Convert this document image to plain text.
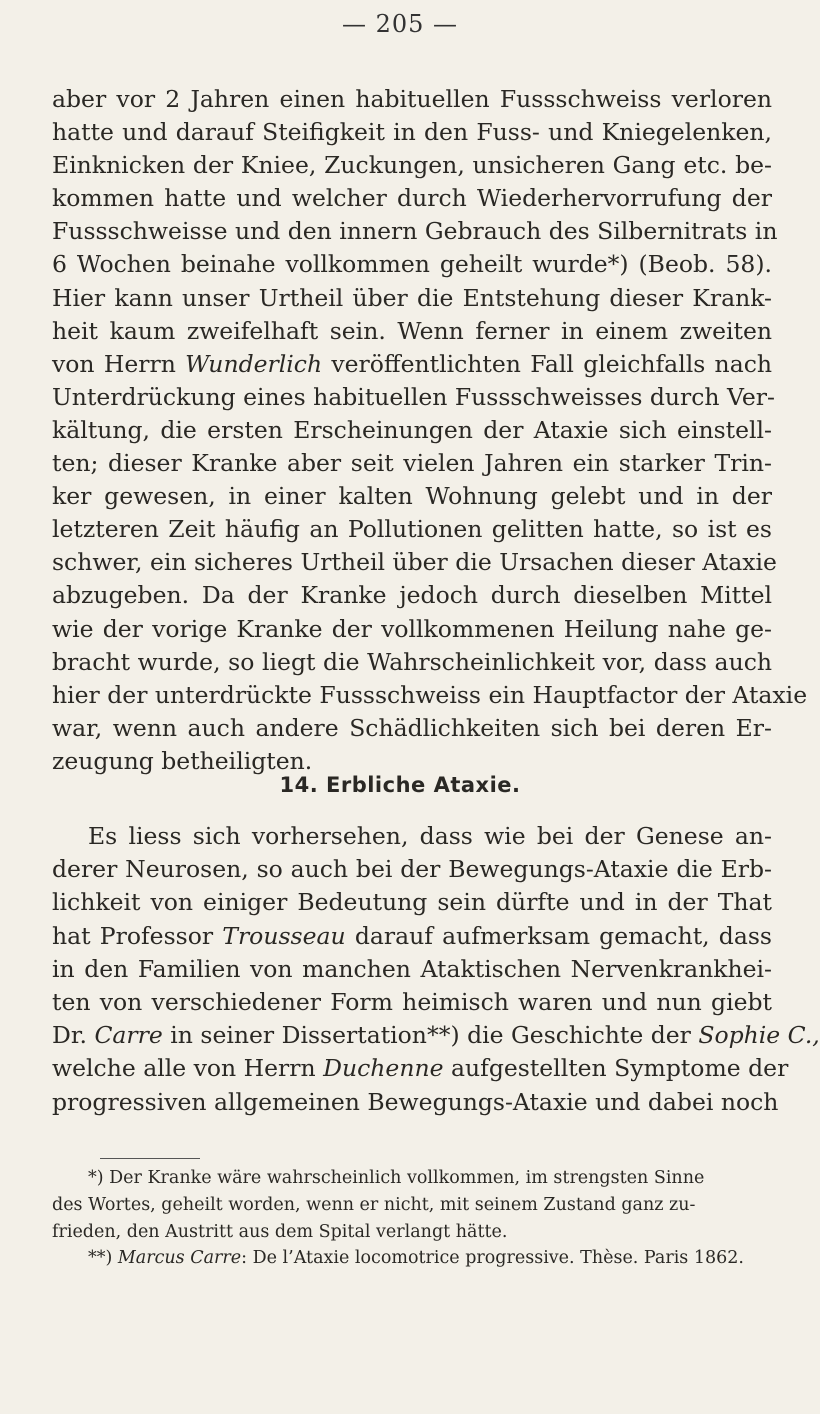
— 205 —
aber vor 2 Jahren einen habituellen Fussschweiss verloren
hatte und darauf Steifigkeit in den Fuss- und Kniegelenken,
Einknicken der Kniee, Zuckungen, unsicheren Gang etc. be-
kommen hatte und welcher durch Wiederhervorrufung der
Fussschweisse und den innern Gebrauch des Silbernitrats in
6 Wochen beinahe vollkommen geheilt wurde*) (Beob. 58).
Hier kann unser Urtheil über die Entstehung dieser Krank-
heit kaum zweifelhaft sein. Wenn ferner in einem zweiten
von Herrn Wunderlich veröffentlichten Fall gleichfalls nach
Unterdrückung eines habituellen Fussschweisses durch Ver-
kältung, die ersten Erscheinungen der Ataxie sich einstell-
ten; dieser Kranke aber seit vielen Jahren ein starker Trin-
ker gewesen, in einer kalten Wohnung gelebt und in der
letzteren Zeit häufig an Pollutionen gelitten hatte, so ist es
schwer, ein sicheres Urtheil über die Ursachen dieser Ataxie
abzugeben. Da der Kranke jedoch durch dieselben Mittel
wie der vorige Kranke der vollkommenen Heilung nahe ge-
bracht wurde, so liegt die Wahrscheinlichkeit vor, dass auch
hier der unterdrückte Fussschweiss ein Hauptfactor der Ataxie
war, wenn auch andere Schädlichkeiten sich bei deren Er-
zeugung betheiligten.
14. Erbliche Ataxie.
Es liess sich vorhersehen, dass wie bei der Genese an-
derer Neurosen, so auch bei der Bewegungs-Ataxie die Erb-
lichkeit von einiger Bedeutung sein dürfte und in der That
hat Professor Trousseau darauf aufmerksam gemacht, dass
in den Familien von manchen Ataktischen Nervenkrankhei-
ten von verschiedener Form heimisch waren und nun giebt
Dr. Carre in seiner Dissertation**) die Geschichte der Sophie C.,
welche alle von Herrn Duchenne aufgestellten Symptome der
progressiven allgemeinen Bewegungs-Ataxie und dabei noch
*) Der Kranke wäre wahrscheinlich vollkommen, im strengsten Sinne
des Wortes, geheilt worden, wenn er nicht, mit seinem Zustand ganz zu-
frieden, den Austritt aus dem Spital verlangt hätte.
**) Marcus Carre: De l’Ataxie locomotrice progressive. Thèse. Paris 1862.
